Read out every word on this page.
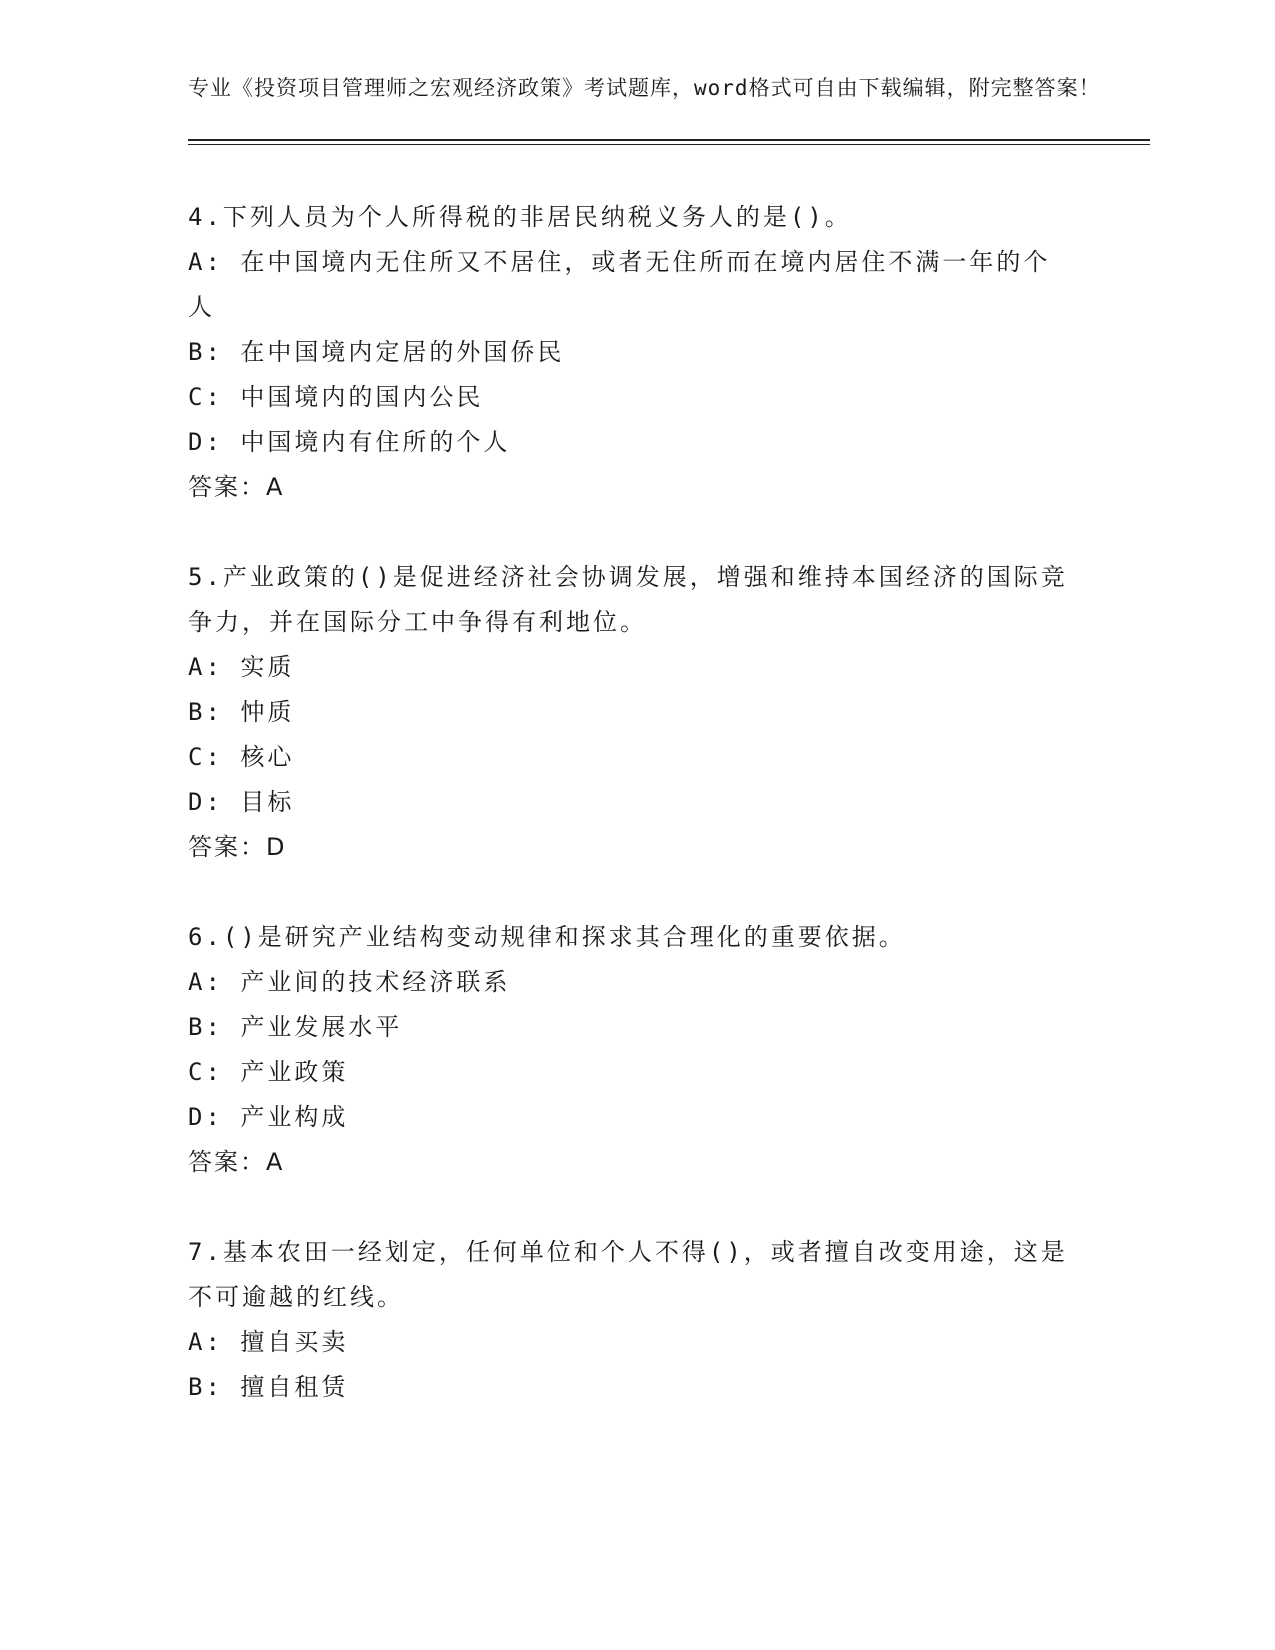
专业《投资项目管理师之宏观经济政策》考试题库，word格式可自由下载编辑，附完整答案！

4.下列人员为个人所得税的非居民纳税义务人的是()。

A: 在中国境内无住所又不居住，或者无住所而在境内居住不满一年的个人

B: 在中国境内定居的外国侨民

C: 中国境内的国内公民

D: 中国境内有住所的个人

答案：A

5.产业政策的()是促进经济社会协调发展，增强和维持本国经济的国际竞争力，并在国际分工中争得有利地位。

A: 实质

B: 忡质

C: 核心

D: 目标

答案：D

6.()是研究产业结构变动规律和探求其合理化的重要依据。

A: 产业间的技术经济联系

B: 产业发展水平

C: 产业政策

D: 产业构成

答案：A

7.基本农田一经划定，任何单位和个人不得()，或者擅自改变用途，这是不可逾越的红线。

A: 擅自买卖

B: 擅自租赁
